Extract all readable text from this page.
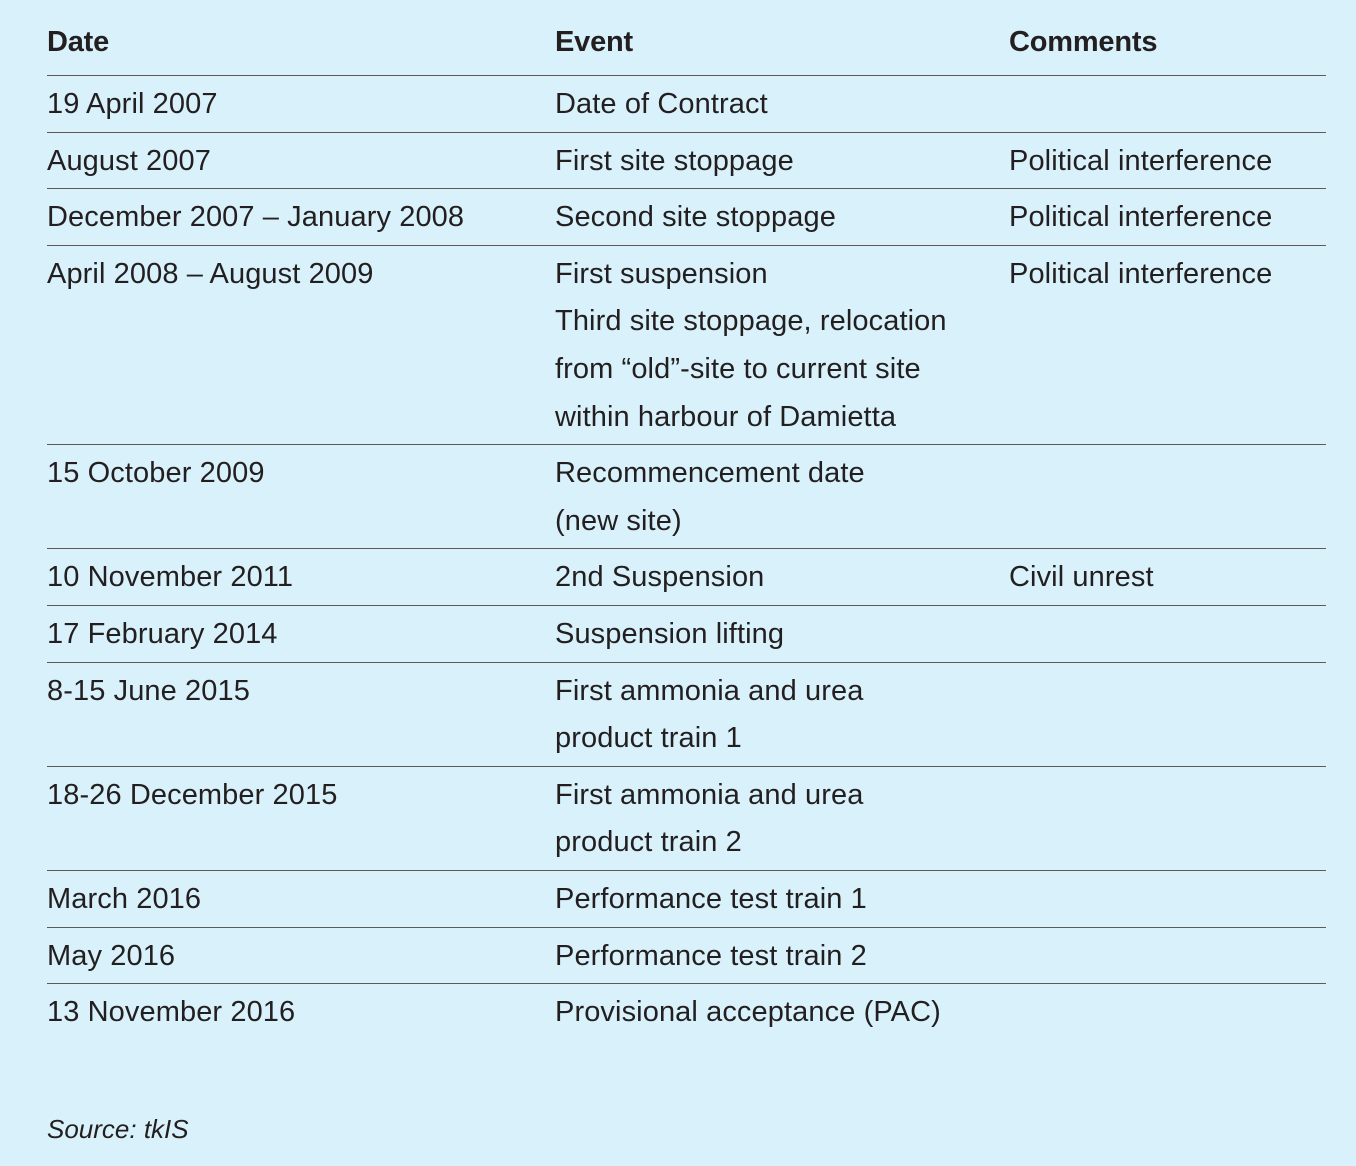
Date	Event	Comments
19 April 2007	Date of Contract	

August 2007	First site stoppage	Political interference
December 2007 – January 2008	Second site stoppage	Political interference
April 2008 – August 2009	First suspension
Third site stoppage, relocation
from “old”-site to current site
within harbour of Damietta	Political interference
15 October 2009	Recommencement date
(new site)	

10 November 2011	2nd Suspension	Civil unrest
17 February 2014	Suspension lifting	

8-15 June 2015	First ammonia and urea
product train 1	

18-26 December 2015	First ammonia and urea
product train 2	

March 2016	Performance test train 1	

May 2016	Performance test train 2	

13 November 2016	Provisional acceptance (PAC)	

Source: tkIS
